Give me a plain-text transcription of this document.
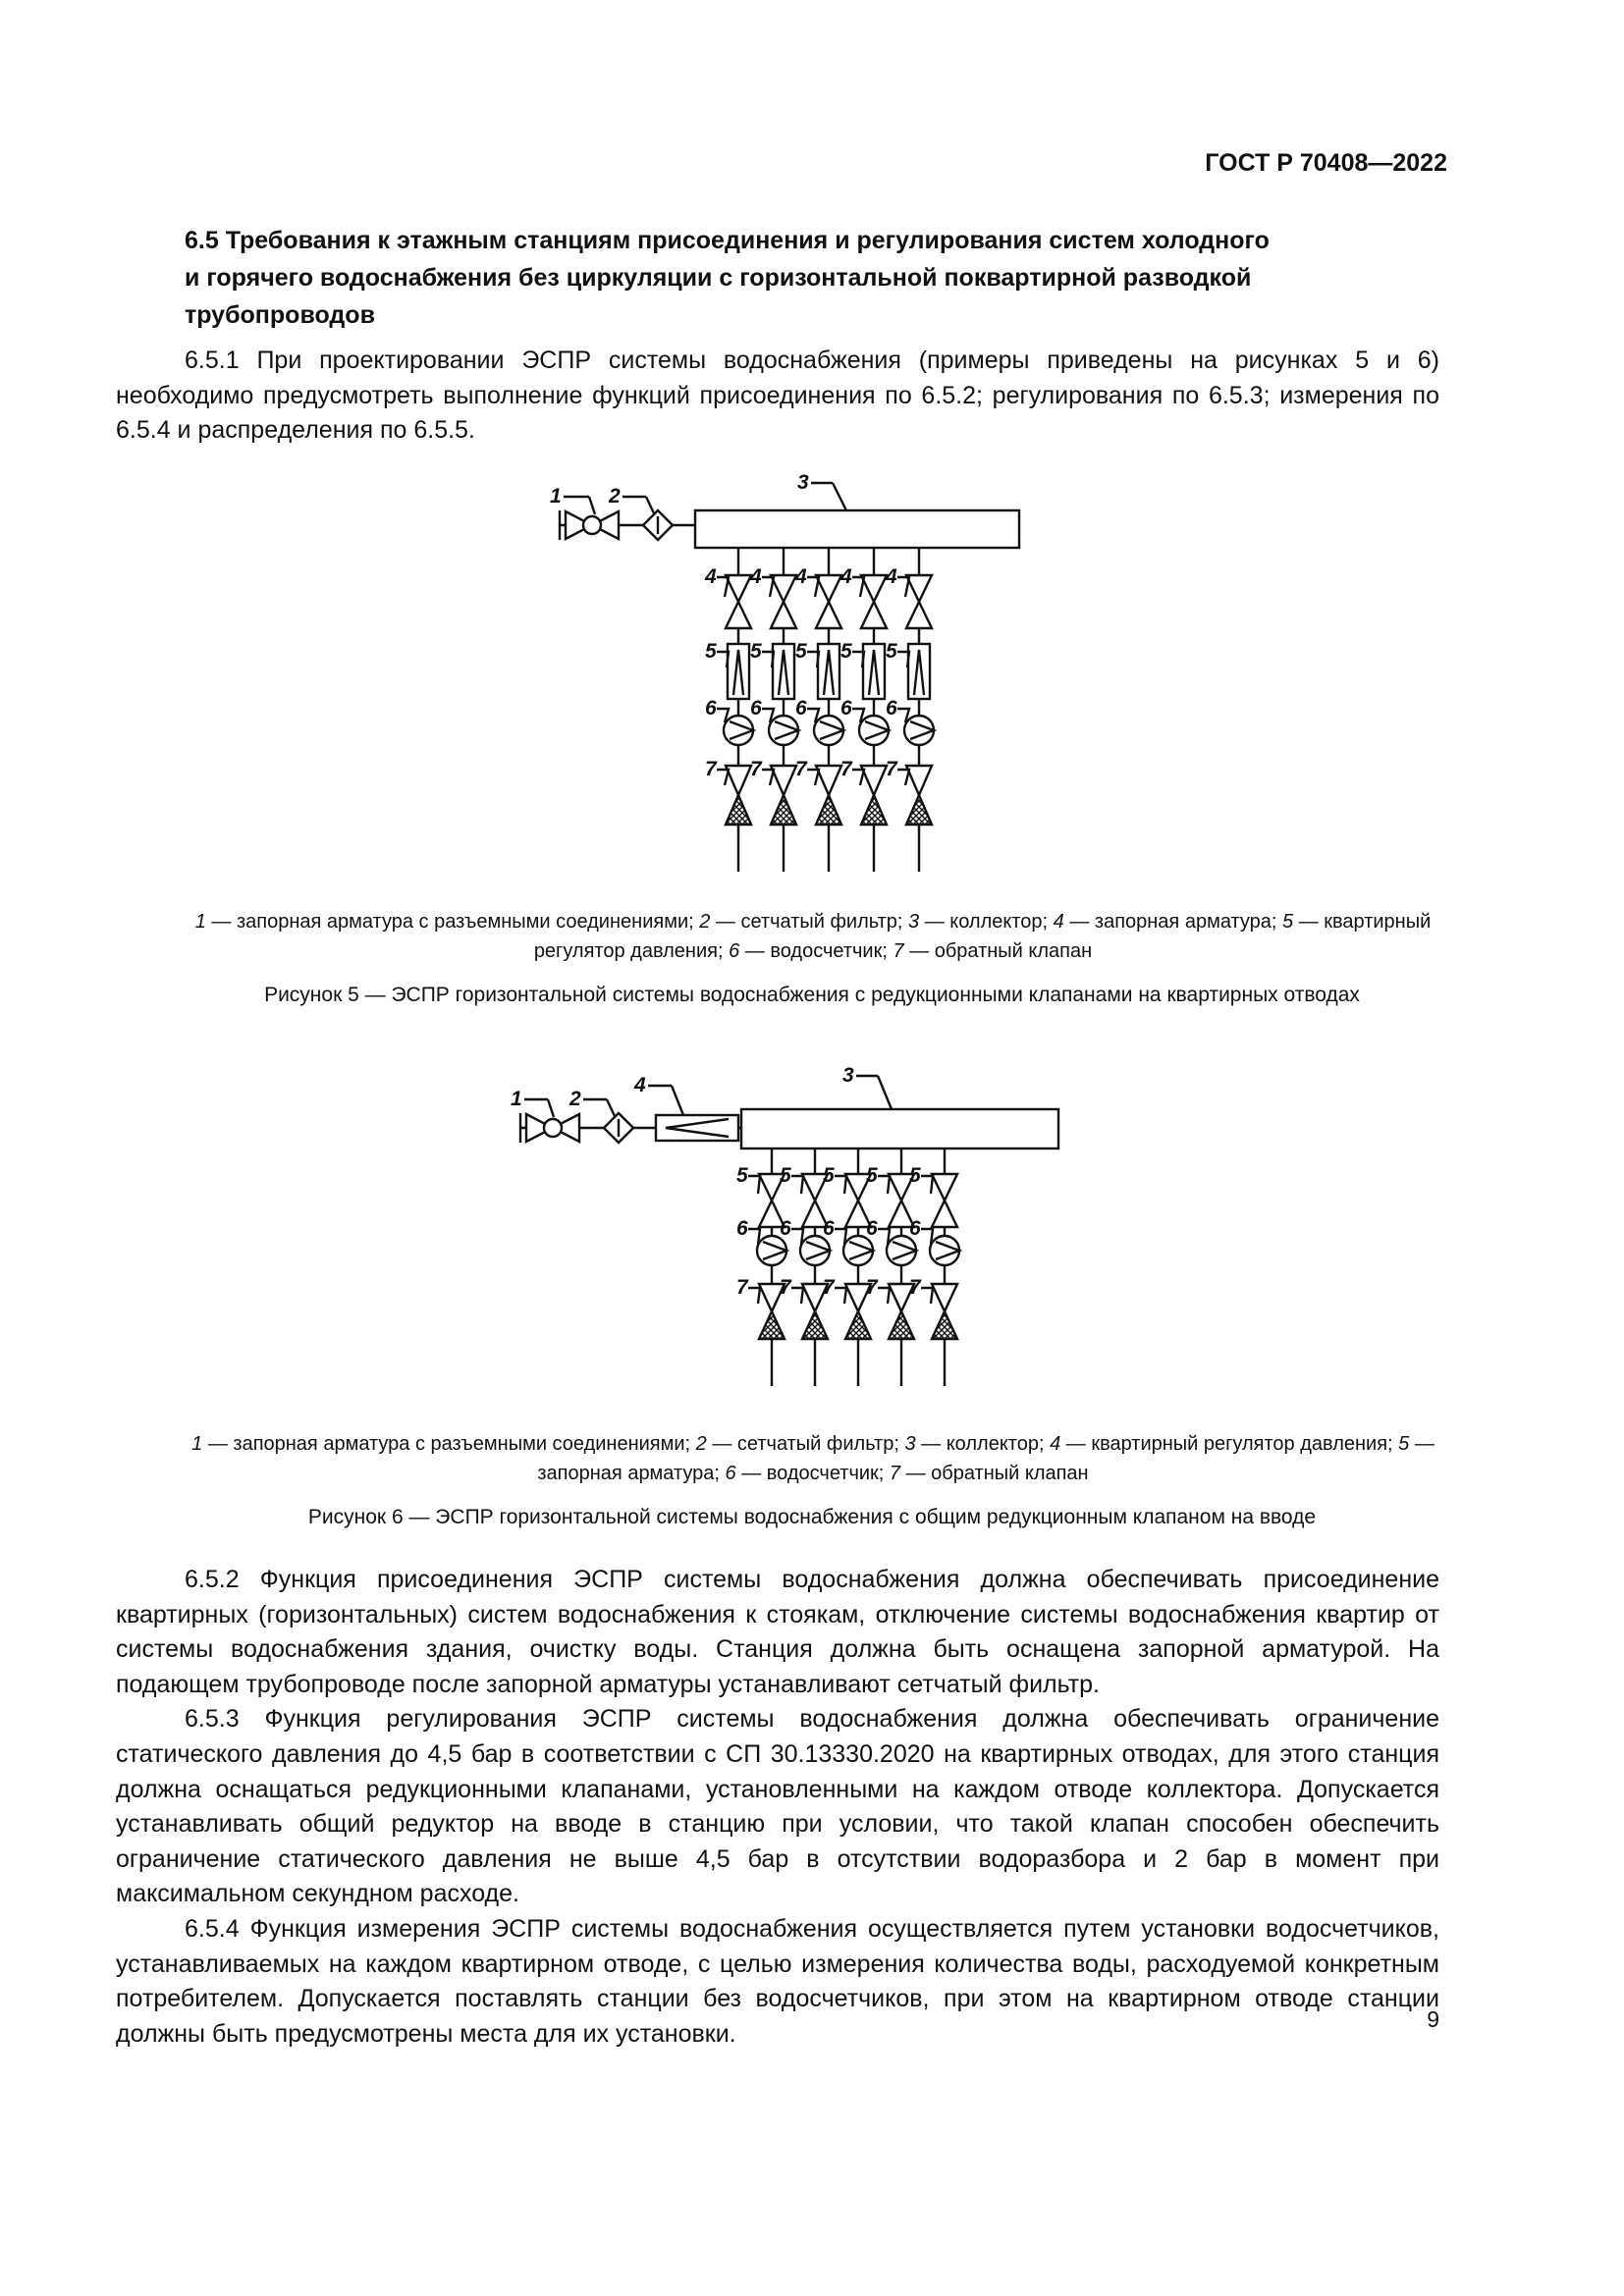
ГОСТ Р 70408—2022
6.5 Требования к этажным станциям присоединения и регулирования систем холодного
и горячего водоснабжения без циркуляции с горизонтальной поквартирной разводкой
трубопроводов

6.5.1 При проектировании ЭСПР системы водоснабжения (примеры приведены на рисунках 5 и 6) необходимо предусмотреть выполнение функций присоединения по 6.5.2; регулирования по 6.5.3; измерения по 6.5.4 и распределения по 6.5.5.

1 2
3
4
5
6
7
4
5
6
7
4
5
6
7
4
5
6
7
4
5
6
7
1 — запорная арматура с разъемными соединениями; 2 — сетчатый фильтр; 3 — коллектор; 4 — запорная арматура; 5 — квартирный регулятор давления; 6 — водосчетчик; 7 — обратный клапан
Рисунок 5 — ЭСПР горизонтальной системы водоснабжения с редукционными клапанами на квартирных отводах
1 2
4	3
5
6
7
5
6
7
5
6
7
5
6
7
5
6
7
1 — запорная арматура с разъемными соединениями; 2 — сетчатый фильтр; 3 — коллектор; 4 — квартирный регулятор давления; 5 — запорная арматура; 6 — водосчетчик; 7 — обратный клапан
Рисунок 6 — ЭСПР горизонтальной системы водоснабжения с общим редукционным клапаном на вводе

6.5.2 Функция присоединения ЭСПР системы водоснабжения должна обеспечивать присоединение квартирных (горизонтальных) систем водоснабжения к стоякам, отключение системы водоснабжения квартир от системы водоснабжения здания, очистку воды. Станция должна быть оснащена запорной арматурой. На подающем трубопроводе после запорной арматуры устанавливают сетчатый фильтр.

6.5.3 Функция регулирования ЭСПР системы водоснабжения должна обеспечивать ограничение статического давления до 4,5 бар в соответствии с СП 30.13330.2020 на квартирных отводах, для этого станция должна оснащаться редукционными клапанами, установленными на каждом отводе коллектора. Допускается устанавливать общий редуктор на вводе в станцию при условии, что такой клапан способен обеспечить ограничение статического давления не выше 4,5 бар в отсутствии водоразбора и 2 бар в момент при максимальном секундном расходе.

6.5.4 Функция измерения ЭСПР системы водоснабжения осуществляется путем установки водосчетчиков, устанавливаемых на каждом квартирном отводе, с целью измерения количества воды, расходуемой конкретным потребителем. Допускается поставлять станции без водосчетчиков, при этом на квартирном отводе станции должны быть предусмотрены места для их установки.

9
